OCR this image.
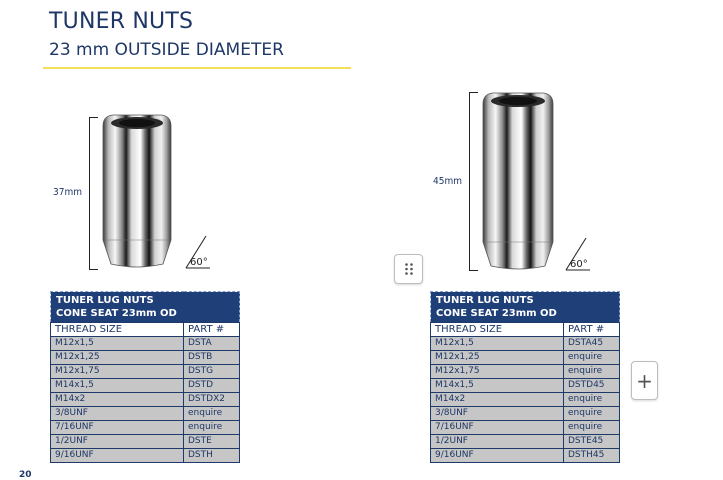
TUNER NUTS
23 mm OUTSIDE DIAMETER
37mm
60°
TUNER LUG NUTS
CONE SEAT 23mm OD	

THREAD SIZE	PART #
M12x1,5	DSTA
M12x1,25	DSTB
M12x1,75	DSTG
M14x1,5	DSTD
M14x2	DSTDX2
3/8UNF	enquire
7/16UNF	enquire
1/2UNF	DSTE
9/16UNF	DSTH
45mm
60°
TUNER LUG NUTS
CONE SEAT 23mm OD	

THREAD SIZE	PART #
M12x1,5	DSTA45
M12x1,25	enquire
M12x1,75	enquire
M14x1,5	DSTD45
M14x2	enquire
3/8UNF	enquire
7/16UNF	enquire
1/2UNF	DSTE45
9/16UNF	DSTH45
+
20
